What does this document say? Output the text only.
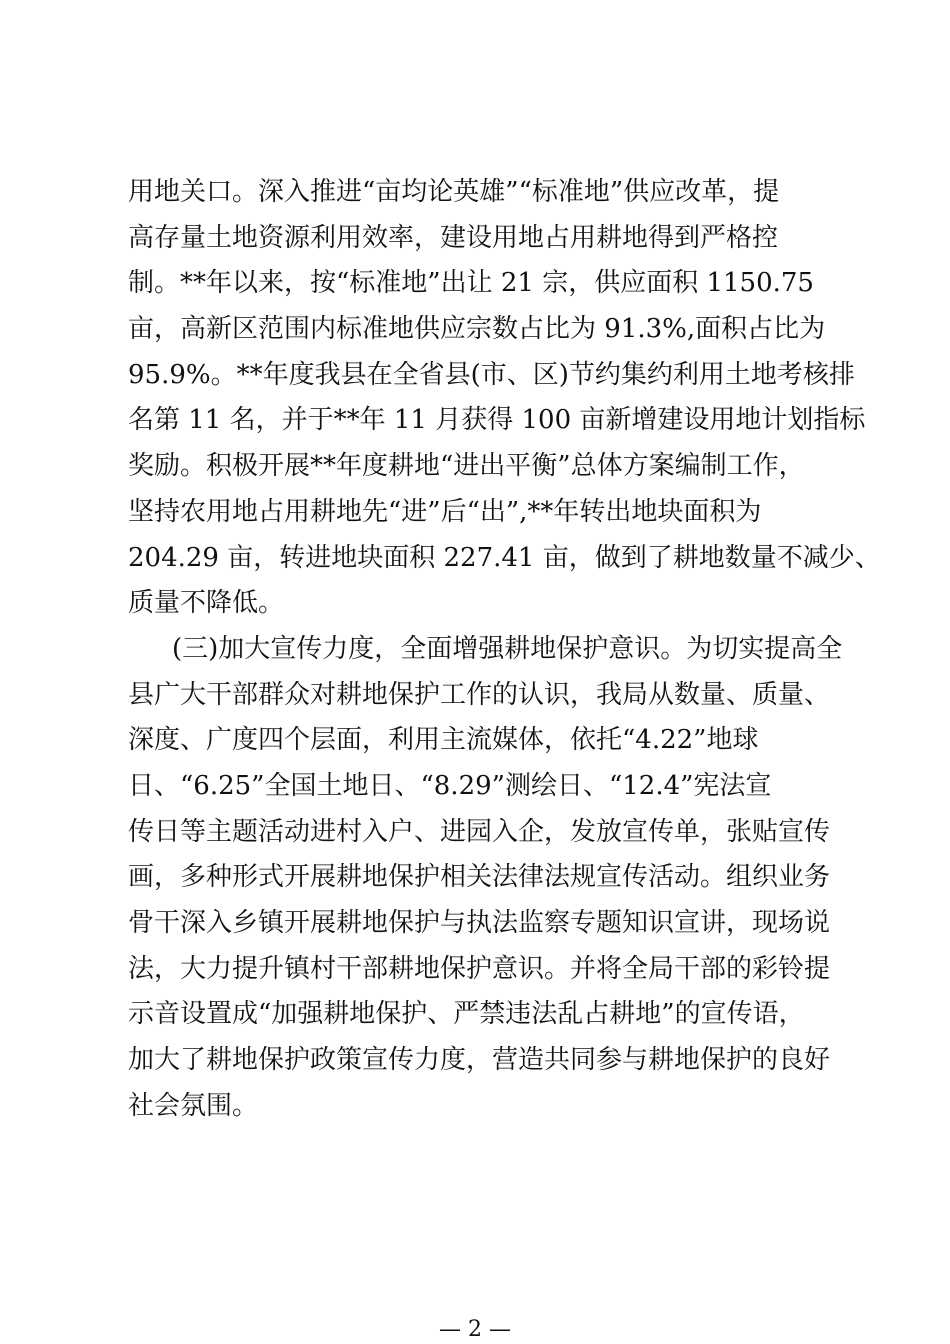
用地关口。深入推进“亩均论英雄”“标准地”供应改革，提
高存量土地资源利用效率，建设用地占用耕地得到严格控
制。**年以来，按“标准地”出让 21 宗，供应面积 1150.75
亩，高新区范围内标准地供应宗数占比为 91.3%,面积占比为
95.9%。**年度我县在全省县(市、区)节约集约利用土地考核排
名第 11 名，并于**年 11 月获得 100 亩新增建设用地计划指标
奖励。积极开展**年度耕地“进出平衡”总体方案编制工作，
坚持农用地占用耕地先“进”后“出”,**年转出地块面积为
204.29 亩，转进地块面积 227.41 亩，做到了耕地数量不减少、
质量不降低。
(三)加大宣传力度，全面增强耕地保护意识。为切实提高全
县广大干部群众对耕地保护工作的认识，我局从数量、质量、
深度、广度四个层面，利用主流媒体，依托“4.22”地球
日、“6.25”全国土地日、“8.29”测绘日、“12.4”宪法宣
传日等主题活动进村入户、进园入企，发放宣传单，张贴宣传
画，多种形式开展耕地保护相关法律法规宣传活动。组织业务
骨干深入乡镇开展耕地保护与执法监察专题知识宣讲，现场说
法，大力提升镇村干部耕地保护意识。并将全局干部的彩铃提
示音设置成“加强耕地保护、严禁违法乱占耕地”的宣传语，
加大了耕地保护政策宣传力度，营造共同参与耕地保护的良好
社会氛围。
— 2 —
